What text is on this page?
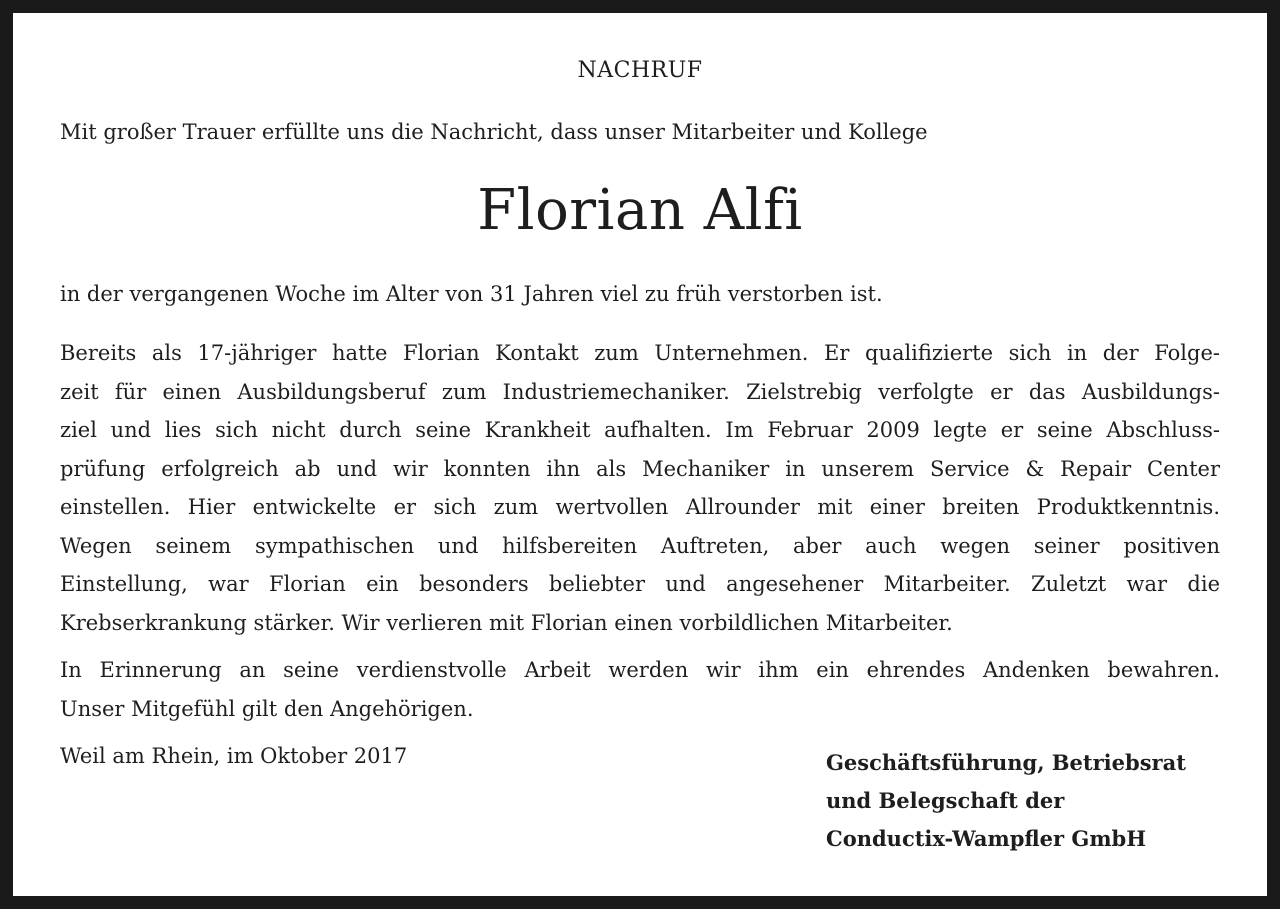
NACHRUF
Mit großer Trauer erfüllte uns die Nachricht, dass unser Mitarbeiter und Kollege
Florian Alfi
in der vergangenen Woche im Alter von 31 Jahren viel zu früh verstorben ist.
Bereits als 17-jähriger hatte Florian Kontakt zum Unternehmen. Er qualifizierte sich in der Folge-
zeit für einen Ausbildungsberuf zum Industriemechaniker. Zielstrebig verfolgte er das Ausbildungs-
ziel und lies sich nicht durch seine Krankheit aufhalten. Im Februar 2009 legte er seine Abschluss-
prüfung erfolgreich ab und wir konnten ihn als Mechaniker in unserem Service & Repair Center
einstellen. Hier entwickelte er sich zum wertvollen Allrounder mit einer breiten Produktkenntnis.
Wegen seinem sympathischen und hilfsbereiten Auftreten, aber auch wegen seiner positiven
Einstellung, war Florian ein besonders beliebter und angesehener Mitarbeiter. Zuletzt war die
Krebserkrankung stärker. Wir verlieren mit Florian einen vorbildlichen Mitarbeiter.
In Erinnerung an seine verdienstvolle Arbeit werden wir ihm ein ehrendes Andenken bewahren.
Unser Mitgefühl gilt den Angehörigen.
Weil am Rhein, im Oktober 2017	Geschäftsführung, Betriebsrat
und Belegschaft der
Conductix-Wampfler GmbH
